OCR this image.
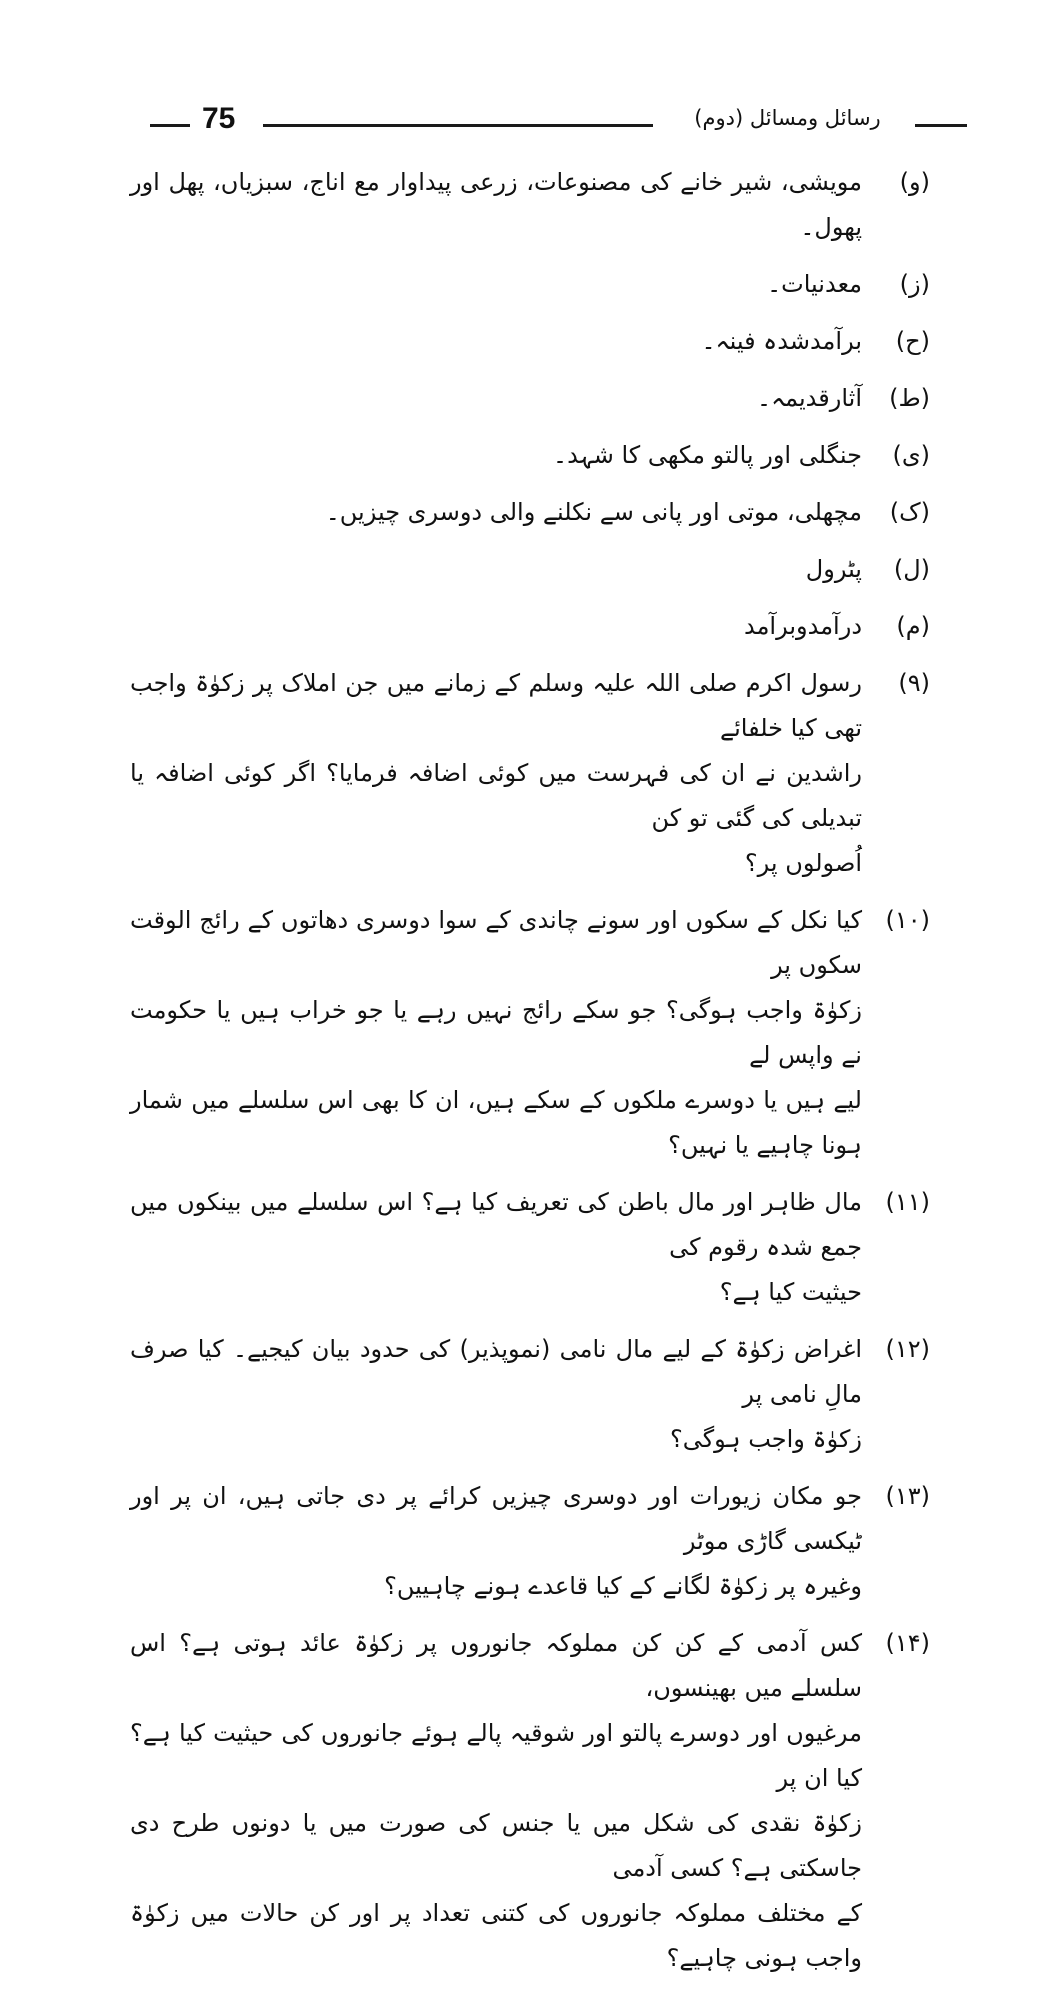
75	رسائل ومسائل (دوم)
(و)
مویشی، شیر خانے کی مصنوعات، زرعی پیداوار مع اناج، سبزیاں، پھل اور پھول۔
(ز)
معدنیات۔
(ح)
برآمدشدہ فینہ۔
(ط)
آثارقدیمہ۔
(ی)
جنگلی اور پالتو مکھی کا شہد۔
(ک)
مچھلی، موتی اور پانی سے نکلنے والی دوسری چیزیں۔
(ل)
پٹرول
(م)
درآمدوبرآمد
(۹)
رسول اکرم صلی اللہ علیہ وسلم کے زمانے میں جن املاک پر زکوٰۃ واجب تھی کیا خلفائے
راشدین نے ان کی فہرست میں کوئی اضافہ فرمایا؟ اگر کوئی اضافہ یا تبدیلی کی گئی تو کن
اُصولوں پر؟
(۱۰)
کیا نکل کے سکوں اور سونے چاندی کے سوا دوسری دھاتوں کے رائج الوقت سکوں پر
زکوٰۃ واجب ہوگی؟ جو سکے رائج نہیں رہے یا جو خراب ہیں یا حکومت نے واپس لے
لیے ہیں یا دوسرے ملکوں کے سکے ہیں، ان کا بھی اس سلسلے میں شمار ہونا چاہیے یا نہیں؟
(۱۱)
مال ظاہر اور مال باطن کی تعریف کیا ہے؟ اس سلسلے میں بینکوں میں جمع شدہ رقوم کی
حیثیت کیا ہے؟
(۱۲)
اغراض زکوٰۃ کے لیے مال نامی (نموپذیر) کی حدود بیان کیجیے۔ کیا صرف مالِ نامی پر
زکوٰۃ واجب ہوگی؟
(۱۳)
جو مکان زیورات اور دوسری چیزیں کرائے پر دی جاتی ہیں، ان پر اور ٹیکسی گاڑی موٹر
وغیرہ پر زکوٰۃ لگانے کے کیا قاعدے ہونے چاہییں؟
(۱۴)
کس آدمی کے کن کن مملوکہ جانوروں پر زکوٰۃ عائد ہوتی ہے؟ اس سلسلے میں بھینسوں،
مرغیوں اور دوسرے پالتو اور شوقیہ پالے ہوئے جانوروں کی حیثیت کیا ہے؟ کیا ان پر
زکوٰۃ نقدی کی شکل میں یا جنس کی صورت میں یا دونوں طرح دی جاسکتی ہے؟ کسی آدمی
کے مختلف مملوکہ جانوروں کی کتنی تعداد پر اور کن حالات میں زکوٰۃ واجب ہونی چاہیے؟
